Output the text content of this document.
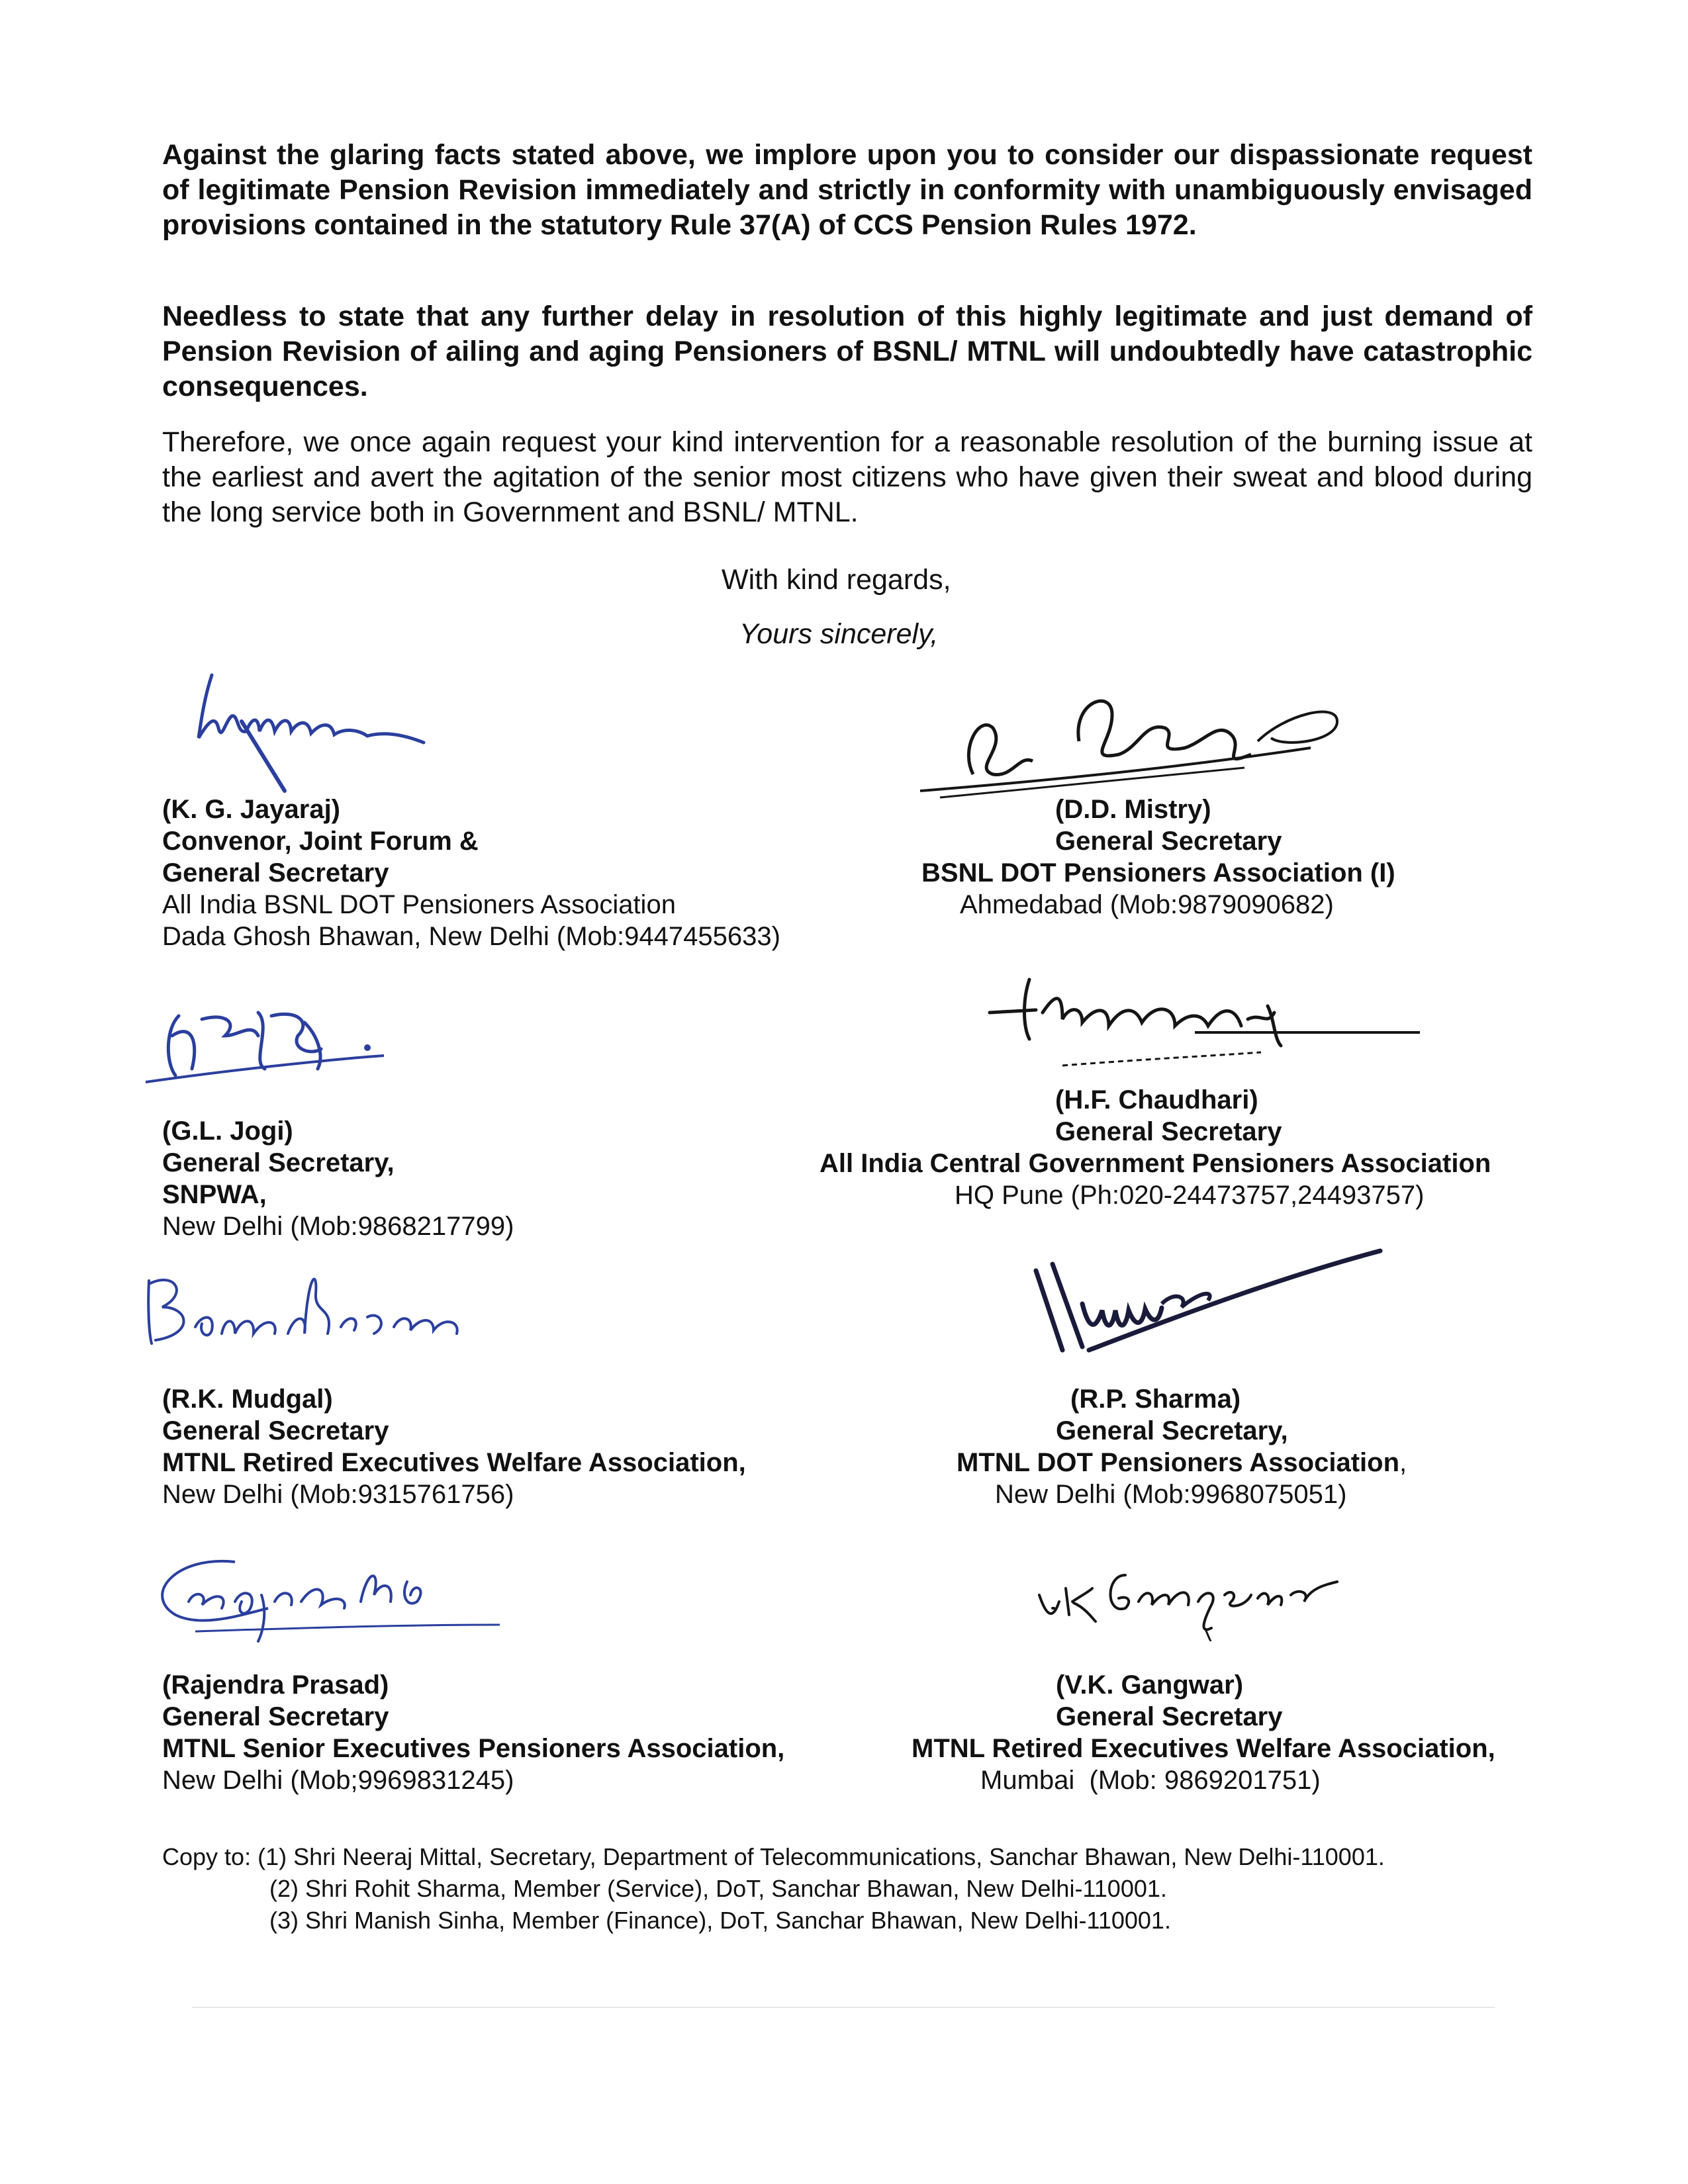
Against the glaring facts stated above, we implore upon you to consider our dispassionate request of legitimate Pension Revision immediately and strictly in conformity with unambiguously envisaged provisions contained in the statutory Rule 37(A) of CCS Pension Rules 1972.

Needless to state that any further delay in resolution of this highly legitimate and just demand of Pension Revision of ailing and aging Pensioners of BSNL/ MTNL will undoubtedly have catastrophic consequences.

Therefore, we once again request your kind intervention for a reasonable resolution of the burning issue at the earliest and avert the agitation of the senior most citizens who have given their sweat and blood during the long service both in Government and BSNL/ MTNL.

With kind regards,
Yours sincerely,
(K. G. Jayaraj)
Convenor, Joint Forum &
General Secretary
All India BSNL DOT Pensioners Association
Dada Ghosh Bhawan, New Delhi (Mob:9447455633)
(D.D. Mistry)
General Secretary
BSNL DOT Pensioners Association (I)
Ahmedabad (Mob:9879090682)
(G.L. Jogi)
General Secretary,
SNPWA,
New Delhi (Mob:9868217799)
(H.F. Chaudhari)
General Secretary
All India Central Government Pensioners Association
HQ Pune (Ph:020-24473757,24493757)
(R.K. Mudgal)
General Secretary
MTNL Retired Executives Welfare Association,
New Delhi (Mob:9315761756)
(R.P. Sharma)
General Secretary,
MTNL DOT Pensioners Association,
New Delhi (Mob:9968075051)
(Rajendra Prasad)
General Secretary
MTNL Senior Executives Pensioners Association,
New Delhi (Mob;9969831245)
(V.K. Gangwar)
General Secretary
MTNL Retired Executives Welfare Association,
Mumbai  (Mob: 9869201751)
Copy to: (1) Shri Neeraj Mittal, Secretary, Department of Telecommunications, Sanchar Bhawan, New Delhi-110001.
(2) Shri Rohit Sharma, Member (Service), DoT, Sanchar Bhawan, New Delhi-110001.
(3) Shri Manish Sinha, Member (Finance), DoT, Sanchar Bhawan, New Delhi-110001.
